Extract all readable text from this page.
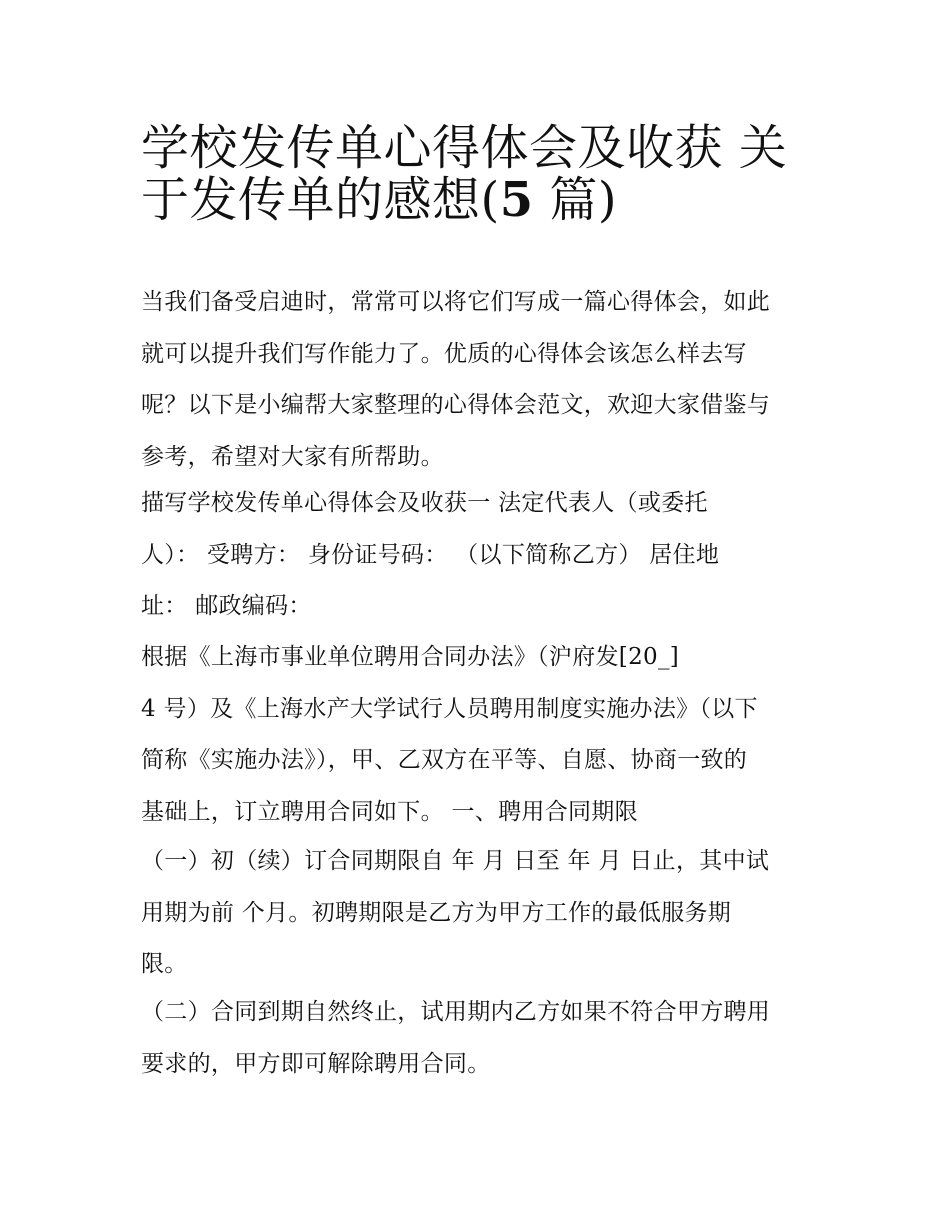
学校发传单心得体会及收获 关
于发传单的感想(5 篇)

当我们备受启迪时，常常可以将它们写成一篇心得体会，如此
就可以提升我们写作能力了。优质的心得体会该怎么样去写
呢？以下是小编帮大家整理的心得体会范文，欢迎大家借鉴与
参考，希望对大家有所帮助。

描写学校发传单心得体会及收获一 法定代表人（或委托
人）： 受聘方： 身份证号码： （以下简称乙方） 居住地
址： 邮政编码：

根据《上海市事业单位聘用合同办法》（沪府发[20_]
4 号）及《上海水产大学试行人员聘用制度实施办法》（以下
简称《实施办法》），甲、乙双方在平等、自愿、协商一致的
基础上，订立聘用合同如下。 一、聘用合同期限

（一）初（续）订合同期限自 年 月 日至 年 月 日止，其中试
用期为前 个月。初聘期限是乙方为甲方工作的最低服务期
限。

（二）合同到期自然终止，试用期内乙方如果不符合甲方聘用
要求的，甲方即可解除聘用合同。
